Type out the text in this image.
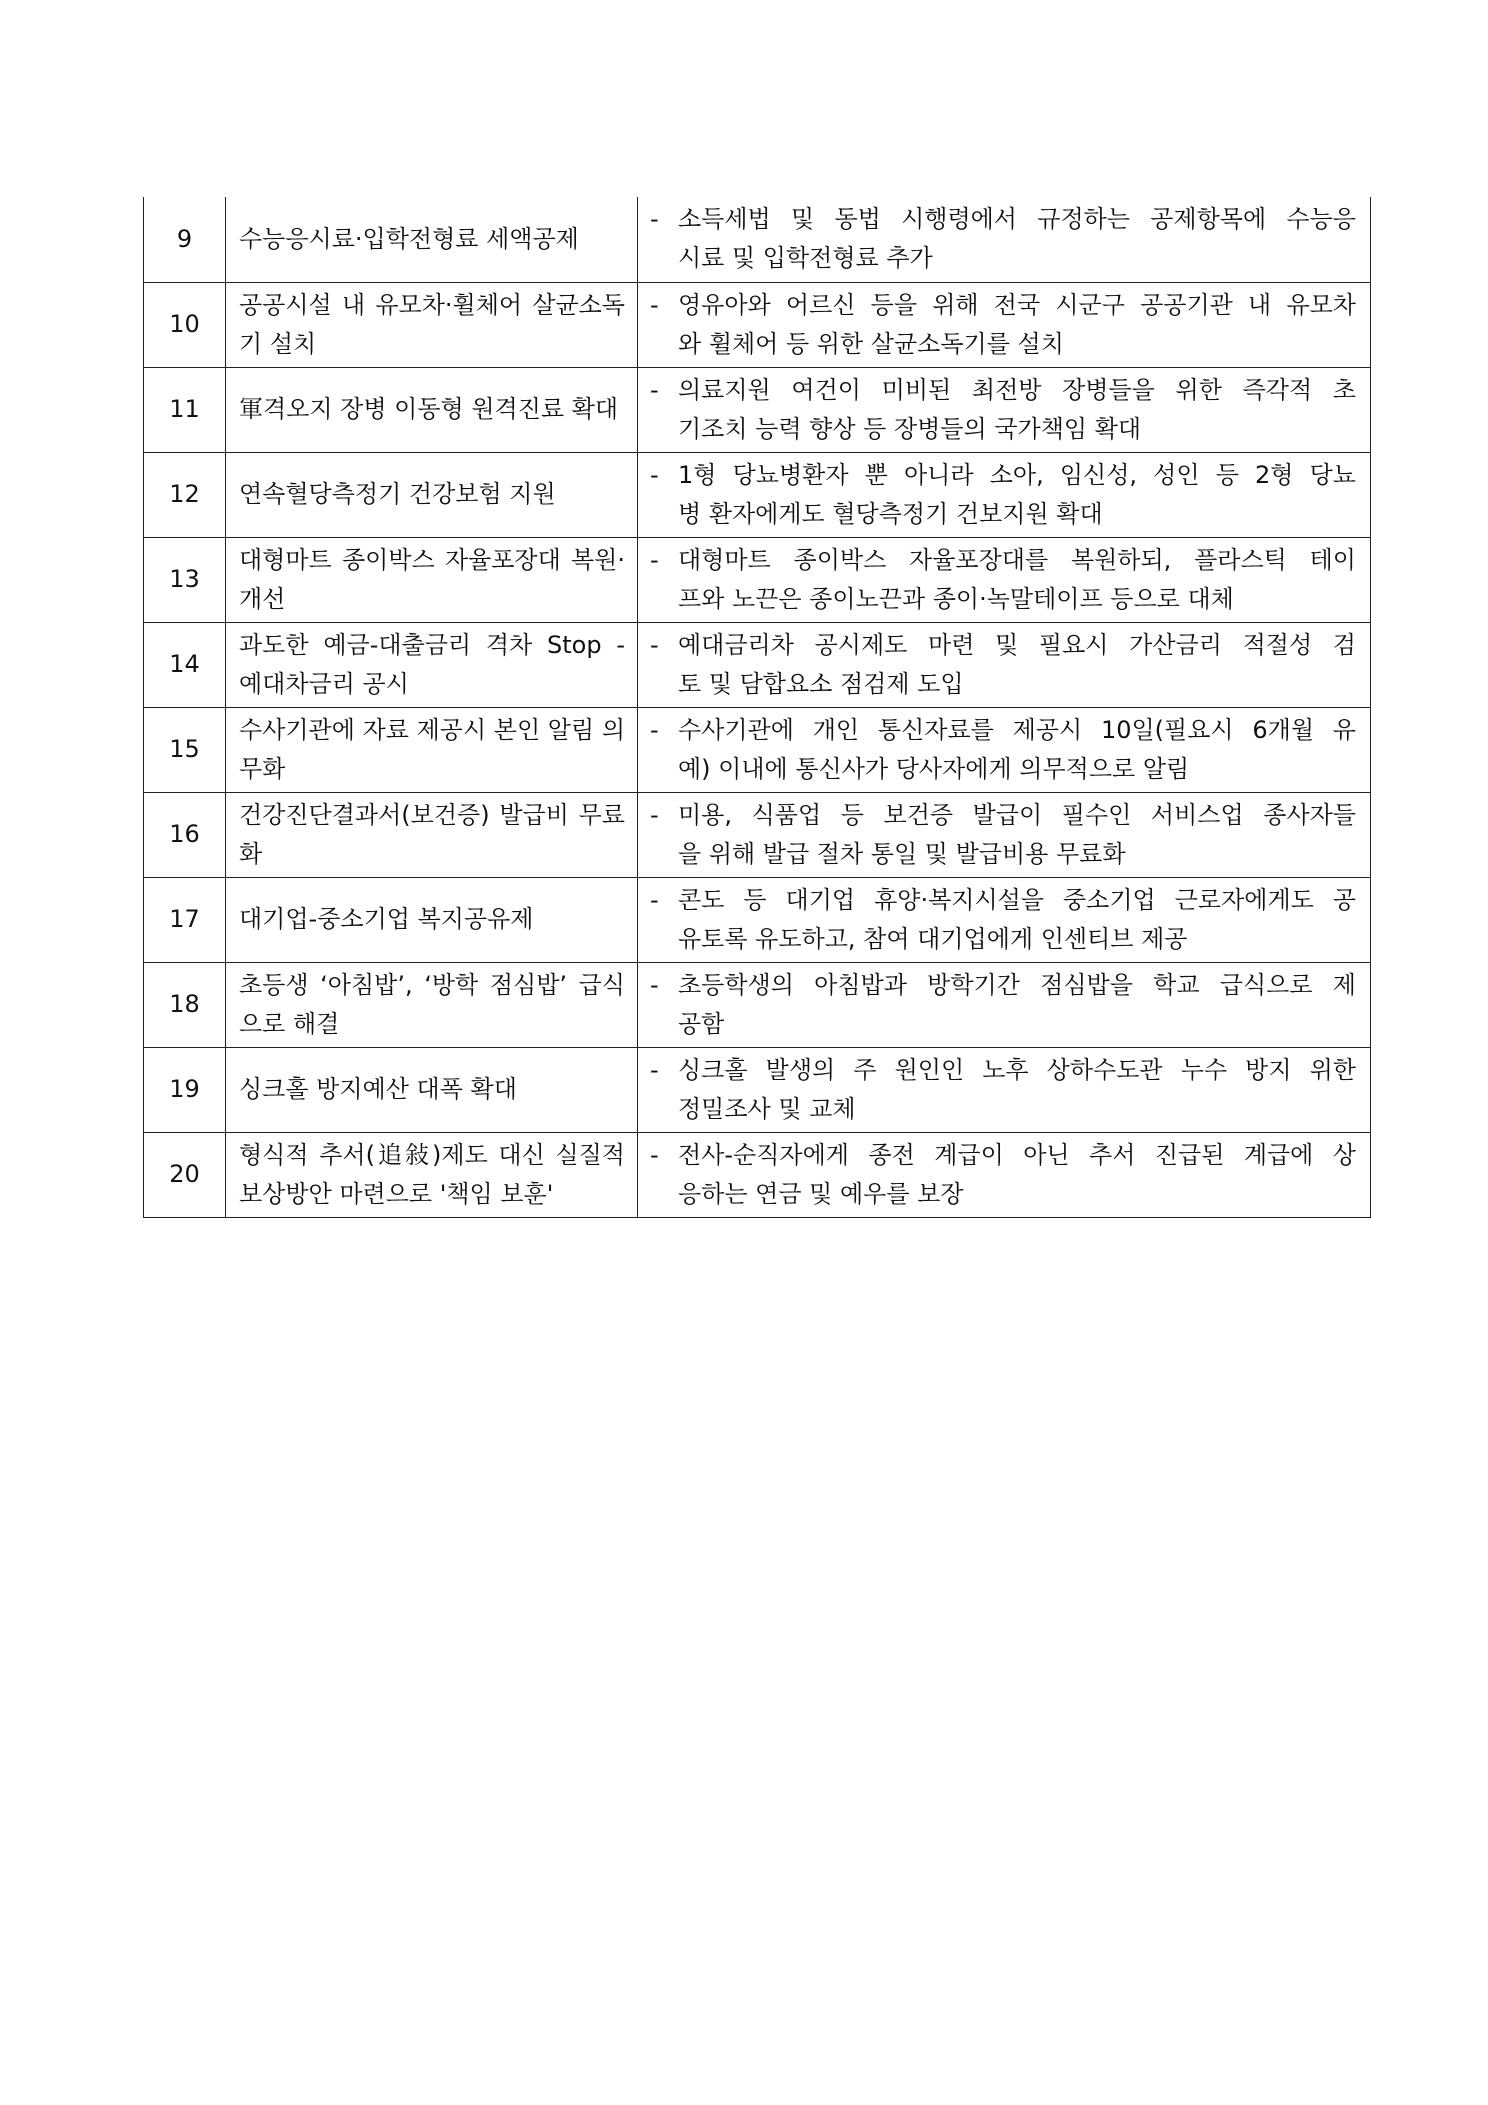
9	수능응시료·입학전형료 세액공제	- 소득세법 및 동법 시행령에서 규정하는 공제항목에 수능응
시료 및 입학전형료 추가

10	공공시설 내 유모차·휠체어 살균소독기 설치	- 영유아와 어르신 등을 위해 전국 시군구 공공기관 내 유모차
와 휠체어 등 위한 살균소독기를 설치

11	軍격오지 장병 이동형 원격진료 확대	- 의료지원 여건이 미비된 최전방 장병들을 위한 즉각적 초
기조치 능력 향상 등 장병들의 국가책임 확대

12	연속혈당측정기 건강보험 지원	- 1형 당뇨병환자 뿐 아니라 소아, 임신성, 성인 등 2형 당뇨
병 환자에게도 혈당측정기 건보지원 확대

13	대형마트 종이박스 자율포장대 복원·개선	- 대형마트 종이박스 자율포장대를 복원하되, 플라스틱 테이
프와 노끈은 종이노끈과 종이·녹말테이프 등으로 대체

14	과도한 예금-대출금리 격차 Stop - 예대차금리 공시	- 예대금리차 공시제도 마련 및 필요시 가산금리 적절성 검
토 및 담합요소 점검제 도입

15	수사기관에 자료 제공시 본인 알림 의무화	- 수사기관에 개인 통신자료를 제공시 10일(필요시 6개월 유
예) 이내에 통신사가 당사자에게 의무적으로 알림

16	건강진단결과서(보건증) 발급비 무료화	- 미용, 식품업 등 보건증 발급이 필수인 서비스업 종사자들
을 위해 발급 절차 통일 및 발급비용 무료화

17	대기업-중소기업 복지공유제	- 콘도 등 대기업 휴양·복지시설을 중소기업 근로자에게도 공
유토록 유도하고, 참여 대기업에게 인센티브 제공

18	초등생 ‘아침밥’, ‘방학 점심밥’ 급식으로 해결	- 초등학생의 아침밥과 방학기간 점심밥을 학교 급식으로 제
공함

19	싱크홀 방지예산 대폭 확대	- 싱크홀 발생의 주 원인인 노후 상하수도관 누수 방지 위한
정밀조사 및 교체

20	형식적 추서(追敍)제도 대신 실질적 보상방안 마련으로 '책임 보훈'	- 전사-순직자에게 종전 계급이 아닌 추서 진급된 계급에 상
응하는 연금 및 예우를 보장
